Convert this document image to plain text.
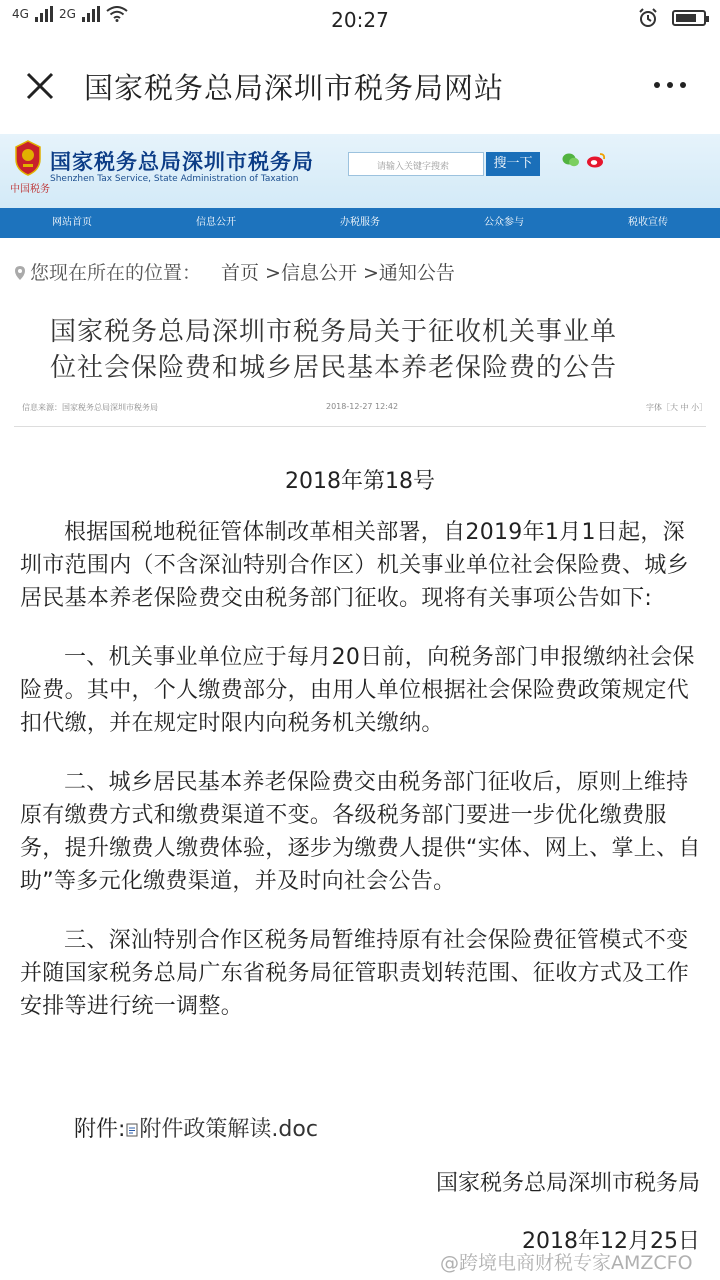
4G	2G	20:27
国家税务总局深圳市税务局网站
中国税务
国家税务总局深圳市税务局
Shenzhen Tax Service, State Administration of Taxation
请输入关键字搜索	搜一下
网站首页	信息公开	办税服务	公众参与	税收宣传
您现在所在的位置： 首页 >信息公开 >通知公告
国家税务总局深圳市税务局关于征收机关事业单
位社会保险费和城乡居民基本养老保险费的公告
信息来源：国家税务总局深圳市税务局	2018-12-27 12:42	字体［大 中 小］
2018年第18号

根据国税地税征管体制改革相关部署，自2019年1月1日起，深圳市范围内（不含深汕特别合作区）机关事业单位社会保险费、城乡居民基本养老保险费交由税务部门征收。现将有关事项公告如下:

一、机关事业单位应于每月20日前，向税务部门申报缴纳社会保险费。其中，个人缴费部分，由用人单位根据社会保险费政策规定代扣代缴，并在规定时限内向税务机关缴纳。

二、城乡居民基本养老保险费交由税务部门征收后，原则上维持原有缴费方式和缴费渠道不变。各级税务部门要进一步优化缴费服务，提升缴费人缴费体验，逐步为缴费人提供“实体、网上、掌上、自助”等多元化缴费渠道，并及时向社会公告。

三、深汕特别合作区税务局暂维持原有社会保险费征管模式不变并随国家税务总局广东省税务局征管职责划转范围、征收方式及工作安排等进行统一调整。

附件: 附件政策解读.doc
国家税务总局深圳市税务局
2018年12月25日
@跨境电商财税专家AMZCFO
